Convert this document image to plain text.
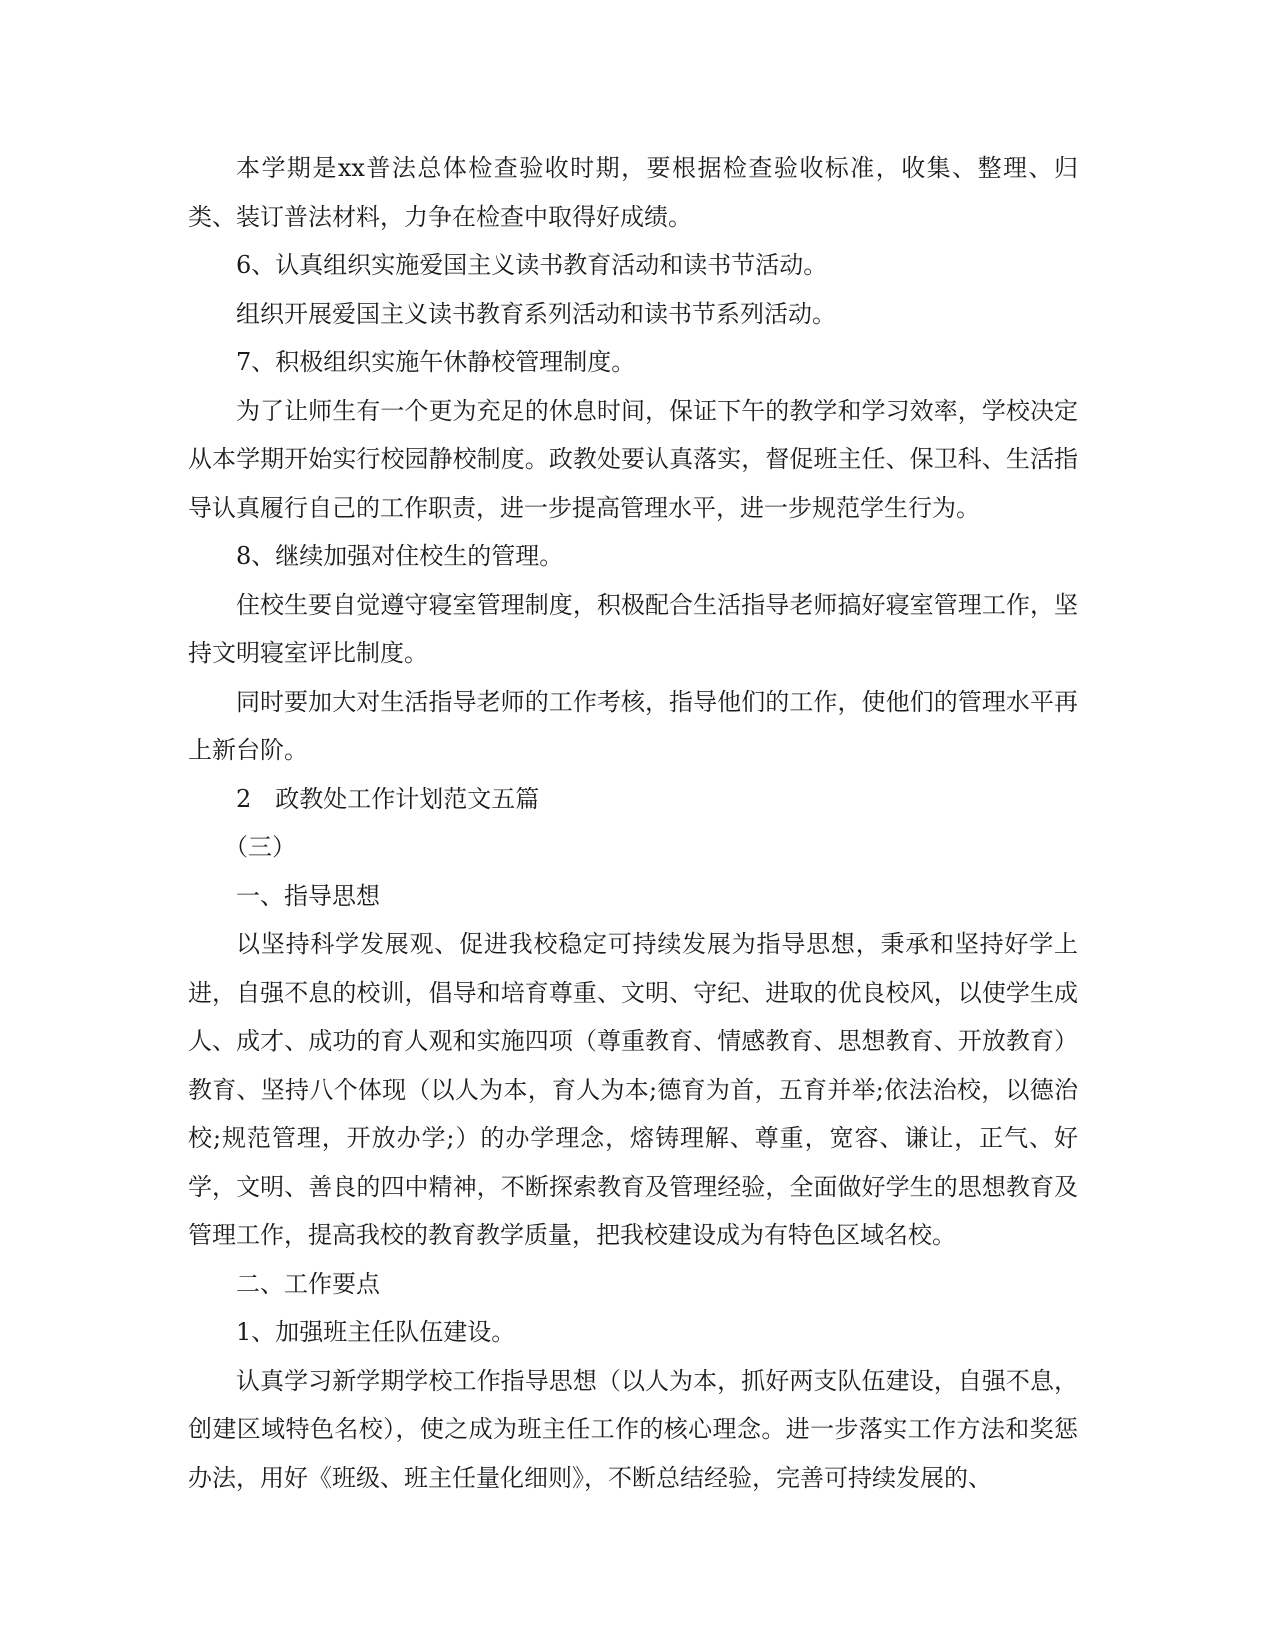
本学期是xx普法总体检查验收时期，要根据检查验收标准，收集、整理、归类、装订普法材料，力争在检查中取得好成绩。

6、认真组织实施爱国主义读书教育活动和读书节活动。

组织开展爱国主义读书教育系列活动和读书节系列活动。

7、积极组织实施午休静校管理制度。

为了让师生有一个更为充足的休息时间，保证下午的教学和学习效率，学校决定从本学期开始实行校园静校制度。政教处要认真落实，督促班主任、保卫科、生活指导认真履行自己的工作职责，进一步提高管理水平，进一步规范学生行为。

8、继续加强对住校生的管理。

住校生要自觉遵守寝室管理制度，积极配合生活指导老师搞好寝室管理工作，坚持文明寝室评比制度。

同时要加大对生活指导老师的工作考核，指导他们的工作，使他们的管理水平再上新台阶。

2　政教处工作计划范文五篇

（三）

一、指导思想

以坚持科学发展观、促进我校稳定可持续发展为指导思想，秉承和坚持好学上进，自强不息的校训，倡导和培育尊重、文明、守纪、进取的优良校风，以使学生成人、成才、成功的育人观和实施四项（尊重教育、情感教育、思想教育、开放教育）教育、坚持八个体现（以人为本，育人为本;德育为首，五育并举;依法治校，以德治校;规范管理，开放办学;）的办学理念，熔铸理解、尊重，宽容、谦让，正气、好学，文明、善良的四中精神，不断探索教育及管理经验，全面做好学生的思想教育及管理工作，提高我校的教育教学质量，把我校建设成为有特色区域名校。

二、工作要点

1、加强班主任队伍建设。

认真学习新学期学校工作指导思想（以人为本，抓好两支队伍建设，自强不息，创建区域特色名校），使之成为班主任工作的核心理念。进一步落实工作方法和奖惩办法，用好《班级、班主任量化细则》，不断总结经验，完善可持续发展的、
